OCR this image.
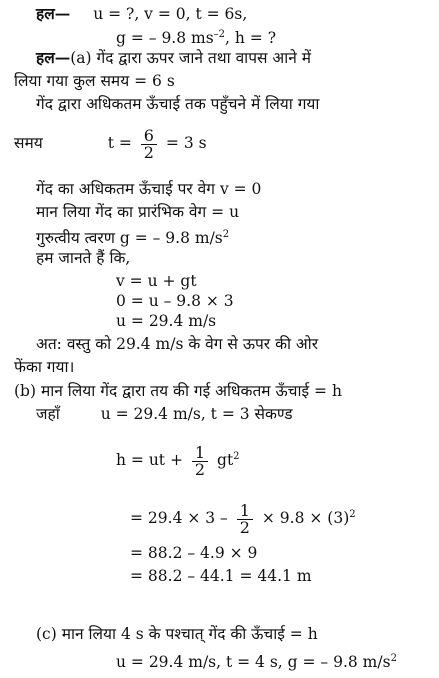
हल— u = ?, v = 0, t = 6s,
g = – 9.8 $ms^{-2}$, h = ?
हल—(a) गेंद द्वारा ऊपर जाने तथा वापस आने में
लिया गया कुल समय = 6 s
गेंद द्वारा अधिकतम ऊँचाई तक पहुँचने में लिया गया
समय	$t = \frac{6}{2} = 3$ s
गेंद का अधिकतम ऊँचाई पर वेग v = 0
मान लिया गेंद का प्रारंभिक वेग = u
गुरुत्वीय त्वरण g = – 9.8 $m/s^2$
हम जानते हैं कि,
v = u + gt
0 = u – 9.8 × 3
u = 29.4 m/s
अत: वस्तु को 29.4 m/s के वेग से ऊपर की ओर
फेंका गया।
(b) मान लिया गेंद द्वारा तय की गई अधिकतम ऊँचाई = h
जहाँ	u = 29.4 m/s, t = 3 सेकण्ड
h = ut + $\frac{1}{2} gt^2$
= $29.4 \times 3 - \frac{1}{2} \times 9.8 \times (3)^2$
= 88.2 – 4.9 × 9
= 88.2 – 44.1 = 44.1 m
(c) मान लिया 4 s के पश्चात् गेंद की ऊँचाई = h
u = 29.4 m/s, t = 4 s, g = – 9.8 $m/s^2$
